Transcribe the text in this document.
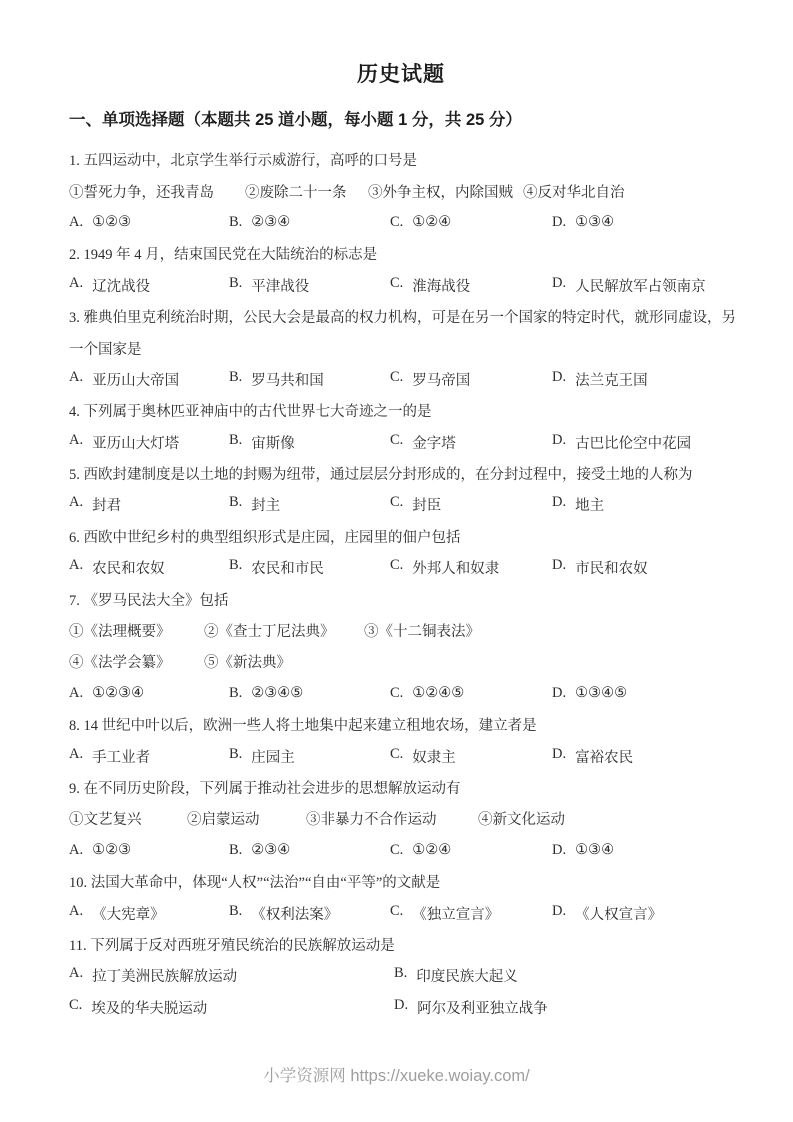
历史试题
一、单项选择题（本题共 25 道小题，每小题 1 分，共 25 分）
1. 五四运动中，北京学生举行示威游行，高呼的口号是
①誓死力争，还我青岛	②废除二十一条	③外争主权，内除国贼 ④反对华北自治
A. ①②③	B. ②③④	C. ①②④	D. ①③④
2. 1949 年 4 月，结束国民党在大陆统治的标志是
A. 辽沈战役	B. 平津战役	C. 淮海战役	D. 人民解放军占领南京
3. 雅典伯里克利统治时期，公民大会是最高的权力机构，可是在另一个国家的特定时代，就形同虚设，另
一个国家是
A. 亚历山大帝国	B. 罗马共和国	C. 罗马帝国	D. 法兰克王国
4. 下列属于奥林匹亚神庙中的古代世界七大奇迹之一的是
A. 亚历山大灯塔	B. 宙斯像	C. 金字塔	D. 古巴比伦空中花园
5. 西欧封建制度是以土地的封赐为纽带，通过层层分封形成的，在分封过程中，接受土地的人称为
A. 封君	B. 封主	C. 封臣	D. 地主
6. 西欧中世纪乡村的典型组织形式是庄园，庄园里的佃户包括
A. 农民和农奴	B. 农民和市民	C. 外邦人和奴隶	D. 市民和农奴
7. 《罗马民法大全》包括
①《法理概要》	②《查士丁尼法典》	③《十二铜表法》
④《法学会纂》	⑤《新法典》
A. ①②③④	B. ②③④⑤	C. ①②④⑤	D. ①③④⑤
8. 14 世纪中叶以后，欧洲一些人将土地集中起来建立租地农场，建立者是
A. 手工业者	B. 庄园主	C. 奴隶主	D. 富裕农民
9. 在不同历史阶段，下列属于推动社会进步的思想解放运动有
①文艺复兴	②启蒙运动	③非暴力不合作运动	④新文化运动
A. ①②③	B. ②③④	C. ①②④	D. ①③④
10. 法国大革命中，体现“人权”“法治”“自由“平等”的文献是
A. 《大宪章》	B. 《权利法案》	C. 《独立宣言》	D. 《人权宣言》
11. 下列属于反对西班牙殖民统治的民族解放运动是
A. 拉丁美洲民族解放运动	B. 印度民族大起义
C. 埃及的华夫脱运动	D. 阿尔及利亚独立战争
小学资源网 https://xueke.woiay.com/
